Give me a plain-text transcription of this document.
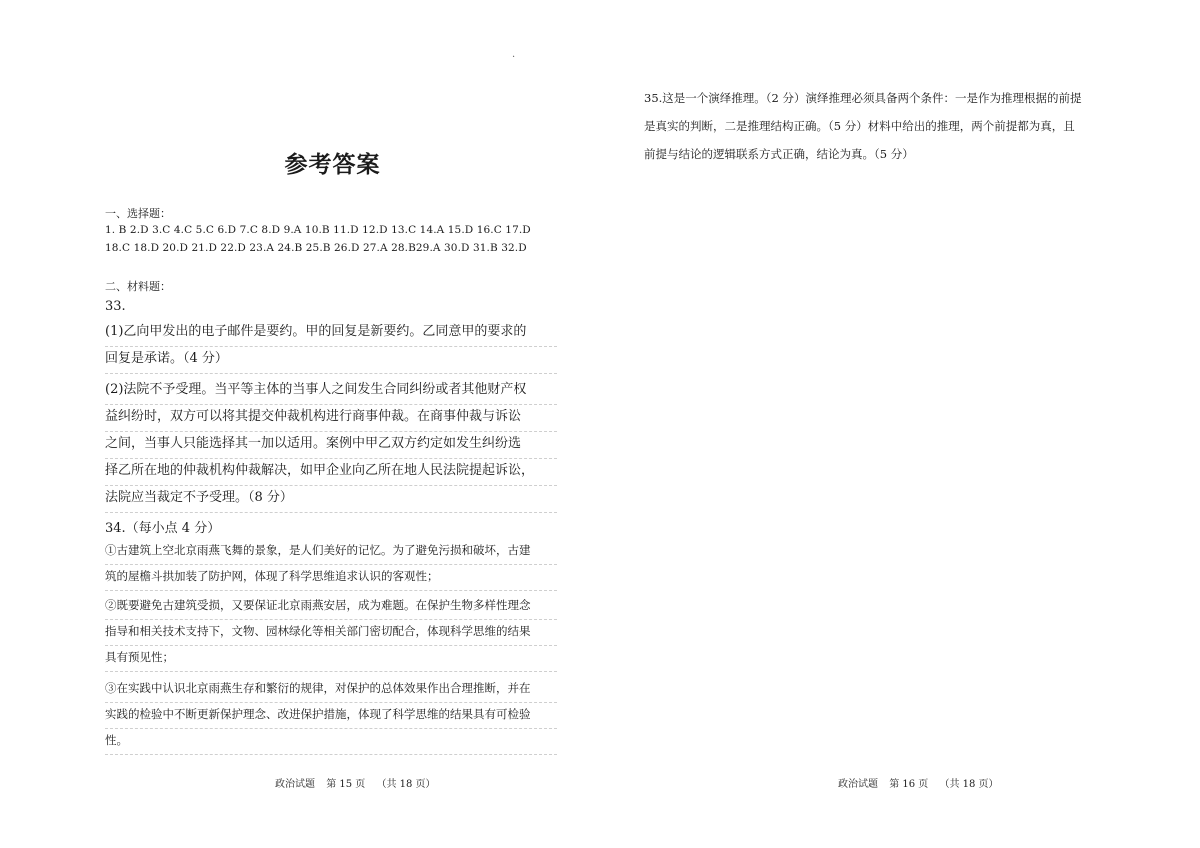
·
参考答案
一、选择题：
1. B 2.D 3.C 4.C 5.C 6.D 7.C 8.D 9.A 10.B 11.D 12.D 13.C 14.A 15.D 16.C 17.D
18.C 18.D 20.D 21.D 22.D 23.A 24.B 25.B 26.D 27.A 28.B29.A 30.D 31.B 32.D
二、材料题：
33.
(1)乙向甲发出的电子邮件是要约。甲的回复是新要约。乙同意甲的要求的
回复是承诺。（4 分）
(2)法院不予受理。当平等主体的当事人之间发生合同纠纷或者其他财产权
益纠纷时，双方可以将其提交仲裁机构进行商事仲裁。在商事仲裁与诉讼
之间，当事人只能选择其一加以适用。案例中甲乙双方约定如发生纠纷选
择乙所在地的仲裁机构仲裁解决，如甲企业向乙所在地人民法院提起诉讼，
法院应当裁定不予受理。（8 分）
34.（每小点 4 分）
①古建筑上空北京雨燕飞舞的景象，是人们美好的记忆。为了避免污损和破坏，古建
筑的屋檐斗拱加装了防护网，体现了科学思维追求认识的客观性；
②既要避免古建筑受损，又要保证北京雨燕安居，成为难题。在保护生物多样性理念
指导和相关技术支持下，文物、园林绿化等相关部门密切配合，体现科学思维的结果
具有预见性；
③在实践中认识北京雨燕生存和繁衍的规律，对保护的总体效果作出合理推断，并在
实践的检验中不断更新保护理念、改进保护措施，体现了科学思维的结果具有可检验
性。
政治试题 第 15 页 （共 18 页）
35.这是一个演绎推理。（2 分）演绎推理必须具备两个条件：一是作为推理根据的前提
是真实的判断，二是推理结构正确。（5 分）材料中给出的推理，两个前提都为真，且
前提与结论的逻辑联系方式正确，结论为真。（5 分）
政治试题 第 16 页 （共 18 页）
